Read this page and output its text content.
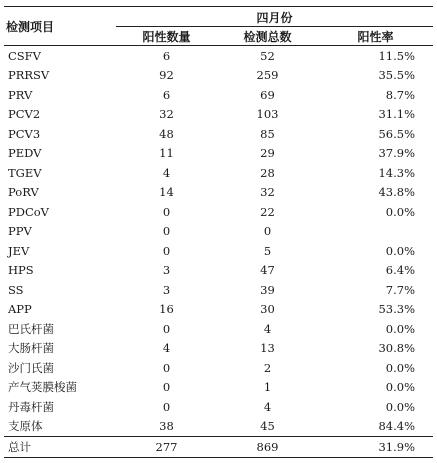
检测项目	四月份		
	阳性数量	检测总数	阳性率
CSFV	6	52	11.5%
PRRSV	92	259	35.5%
PRV	6	69	8.7%
PCV2	32	103	31.1%
PCV3	48	85	56.5%
PEDV	11	29	37.9%
TGEV	4	28	14.3%
PoRV	14	32	43.8%
PDCoV	0	22	0.0%
PPV	0	0	
JEV	0	5	0.0%
HPS	3	47	6.4%
SS	3	39	7.7%
APP	16	30	53.3%
巴氏杆菌	0	4	0.0%
大肠杆菌	4	13	30.8%
沙门氏菌	0	2	0.0%
产气荚膜梭菌	0	1	0.0%
丹毒杆菌	0	4	0.0%
支原体	38	45	84.4%
总计	277	869	31.9%
